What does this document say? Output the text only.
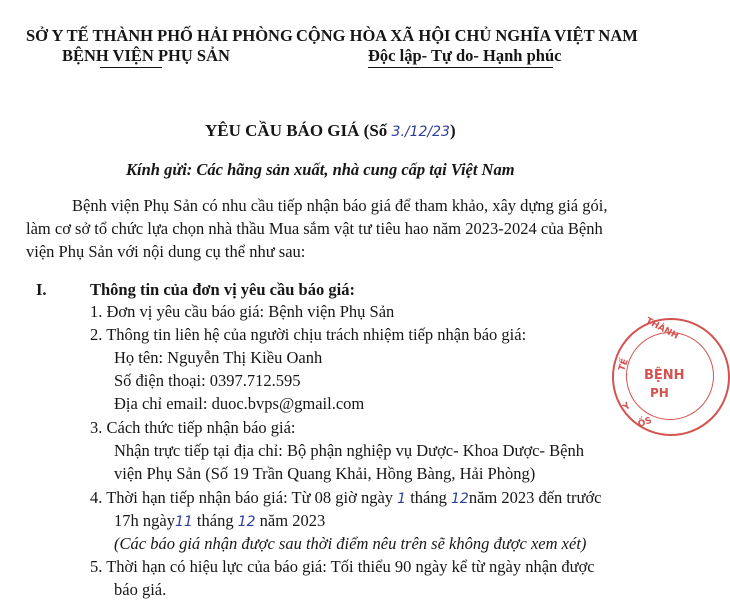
SỞ Y TẾ THÀNH PHỐ HẢI PHÒNG
BỆNH VIỆN PHỤ SẢN
CỘNG HÒA XÃ HỘI CHỦ NGHĨA VIỆT NAM
Độc lập- Tự do- Hạnh phúc
YÊU CẦU BÁO GIÁ (Số 3./12/23)
Kính gửi: Các hãng sản xuất, nhà cung cấp tại Việt Nam
Bệnh viện Phụ Sản có nhu cầu tiếp nhận báo giá để tham khảo, xây dựng giá gói,
làm cơ sở tổ chức lựa chọn nhà thầu Mua sắm vật tư tiêu hao năm 2023-2024 của Bệnh
viện Phụ Sản với nội dung cụ thể như sau:
I.	Thông tin của đơn vị yêu cầu báo giá:
1. Đơn vị yêu cầu báo giá: Bệnh viện Phụ Sản
2. Thông tin liên hệ của người chịu trách nhiệm tiếp nhận báo giá:
Họ tên: Nguyễn Thị Kiều Oanh
Số điện thoại: 0397.712.595
Địa chỉ email: duoc.bvps@gmail.com
3. Cách thức tiếp nhận báo giá:
Nhận trực tiếp tại địa chỉ: Bộ phận nghiệp vụ Dược- Khoa Dược- Bệnh
viện Phụ Sản (Số 19 Trần Quang Khải, Hồng Bàng, Hải Phòng)
4. Thời hạn tiếp nhận báo giá: Từ 08 giờ ngày 1 tháng 12năm 2023 đến trước
17h ngày11 tháng 12 năm 2023
(Các báo giá nhận được sau thời điểm nêu trên sẽ không được xem xét)
5. Thời hạn có hiệu lực của báo giá: Tối thiểu 90 ngày kể từ ngày nhận được
báo giá.
THÀNH
TẾ
BỆNH
PH
Y
ỐS
